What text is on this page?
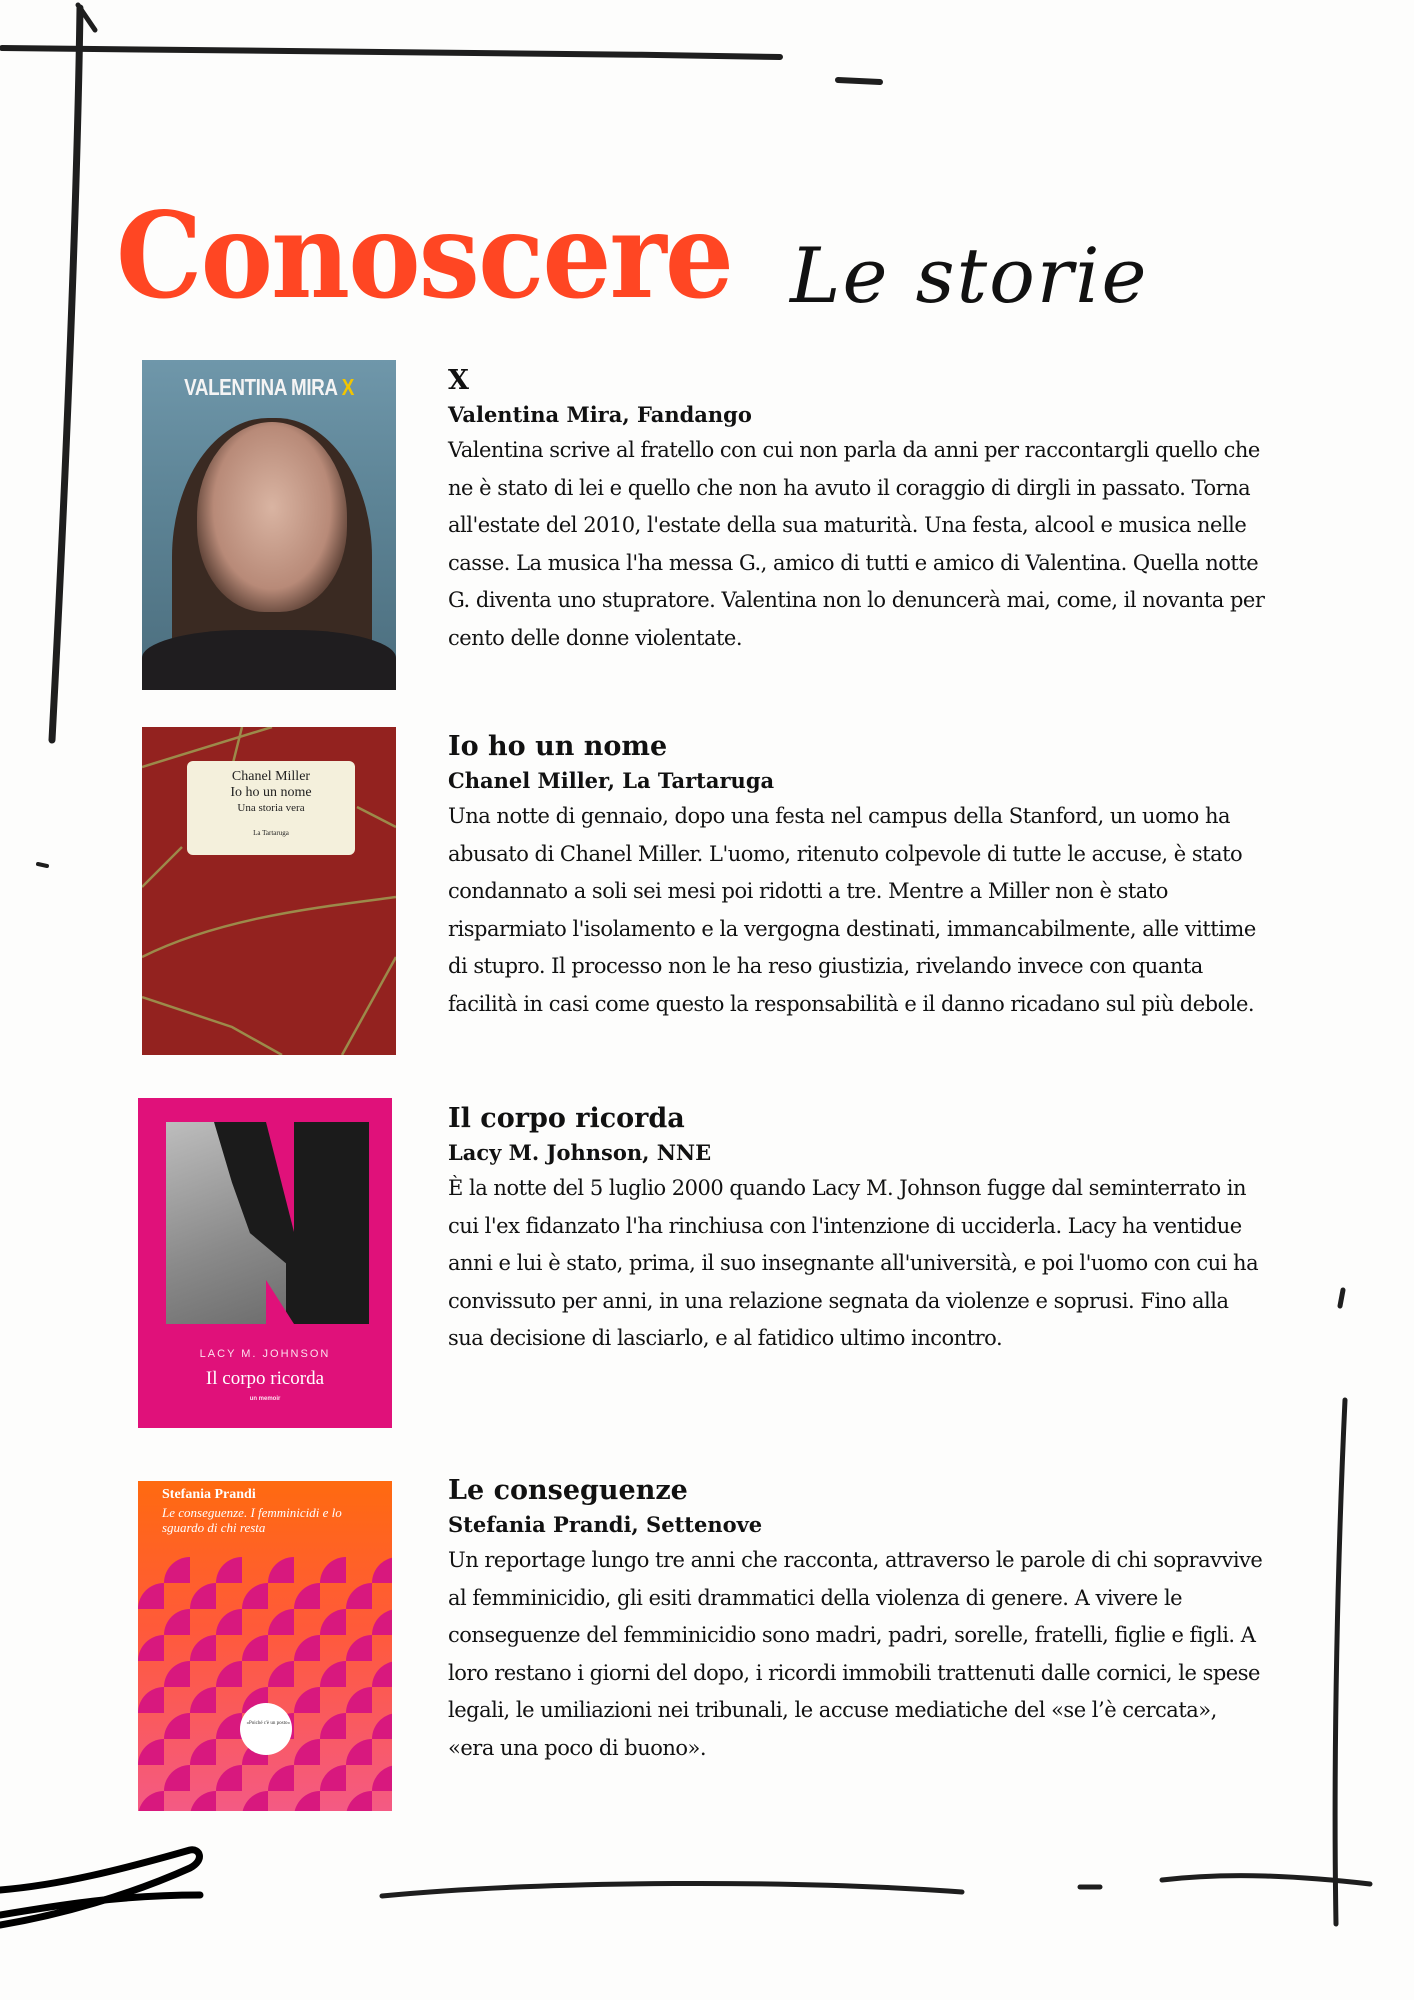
Conoscere Le storie
VALENTINA MIRA X	X

Valentina Mira, Fandango

Valentina scrive al fratello con cui non parla da anni per raccontargli quello che ne è stato di lei e quello che non ha avuto il coraggio di dirgli in passato. Torna all'estate del 2010, l'estate della sua maturità. Una festa, alcool e musica nelle casse. La musica l'ha messa G., amico di tutti e amico di Valentina. Quella notte G. diventa uno stupratore. Valentina non lo denuncerà mai, come, il novanta per cento delle donne violentate.

Chanel Miller
Io ho un nome
Una storia vera
La Tartaruga

Io ho un nome

Chanel Miller, La Tartaruga

Una notte di gennaio, dopo una festa nel campus della Stanford, un uomo ha abusato di Chanel Miller. L'uomo, ritenuto colpevole di tutte le accuse, è stato condannato a soli sei mesi poi ridotti a tre. Mentre a Miller non è stato risparmiato l'isolamento e la vergogna destinati, immancabilmente, alle vittime di stupro. Il processo non le ha reso giustizia, rivelando invece con quanta facilità in casi come questo la responsabilità e il danno ricadano sul più debole.

LACY M. JOHNSON
Il corpo ricorda
un memoir

Il corpo ricorda

Lacy M. Johnson, NNE

È la notte del 5 luglio 2000 quando Lacy M. Johnson fugge dal seminterrato in cui l'ex fidanzato l'ha rinchiusa con l'intenzione di ucciderla. Lacy ha ventidue anni e lui è stato, prima, il suo insegnante all'università, e poi l'uomo con cui ha convissuto per anni, in una relazione segnata da violenze e soprusi. Fino alla sua decisione di lasciarlo, e al fatidico ultimo incontro.

Stefania Prandi
Le conseguenze. I femminicidi e lo sguardo di chi resta
«Poiché c'è un posto»

Le conseguenze

Stefania Prandi, Settenove

Un reportage lungo tre anni che racconta, attraverso le parole di chi sopravvive al femminicidio, gli esiti drammatici della violenza di genere. A vivere le conseguenze del femminicidio sono madri, padri, sorelle, fratelli, figlie e figli. A loro restano i giorni del dopo, i ricordi immobili trattenuti dalle cornici, le spese legali, le umiliazioni nei tribunali, le accuse mediatiche del «se l’è cercata», «era una poco di buono».
